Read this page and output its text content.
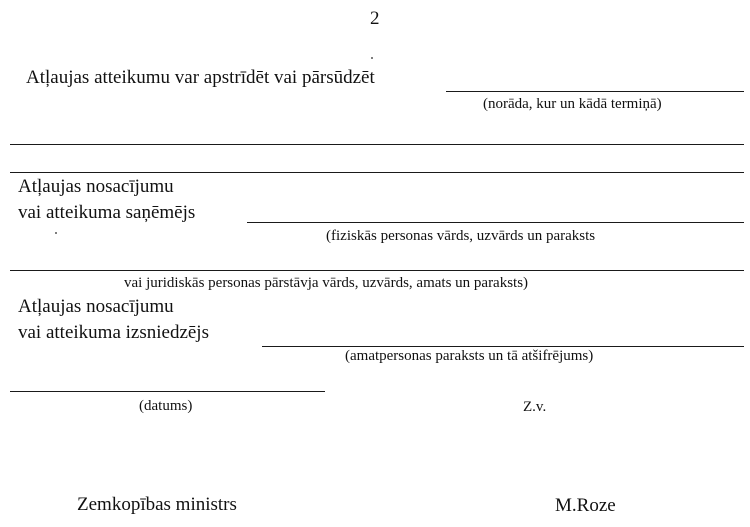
2
Atļaujas atteikumu var apstrīdēt vai pārsūdzēt
(norāda, kur un kādā termiņā)
Atļaujas nosacījumu
vai atteikuma saņēmējs
(fiziskās personas vārds, uzvārds un paraksts
vai juridiskās personas pārstāvja vārds, uzvārds, amats un paraksts)
Atļaujas nosacījumu
vai atteikuma izsniedzējs
(amatpersonas paraksts un tā atšifrējums)
(datums)	Z.v.
Zemkopības ministrs	M.Roze
